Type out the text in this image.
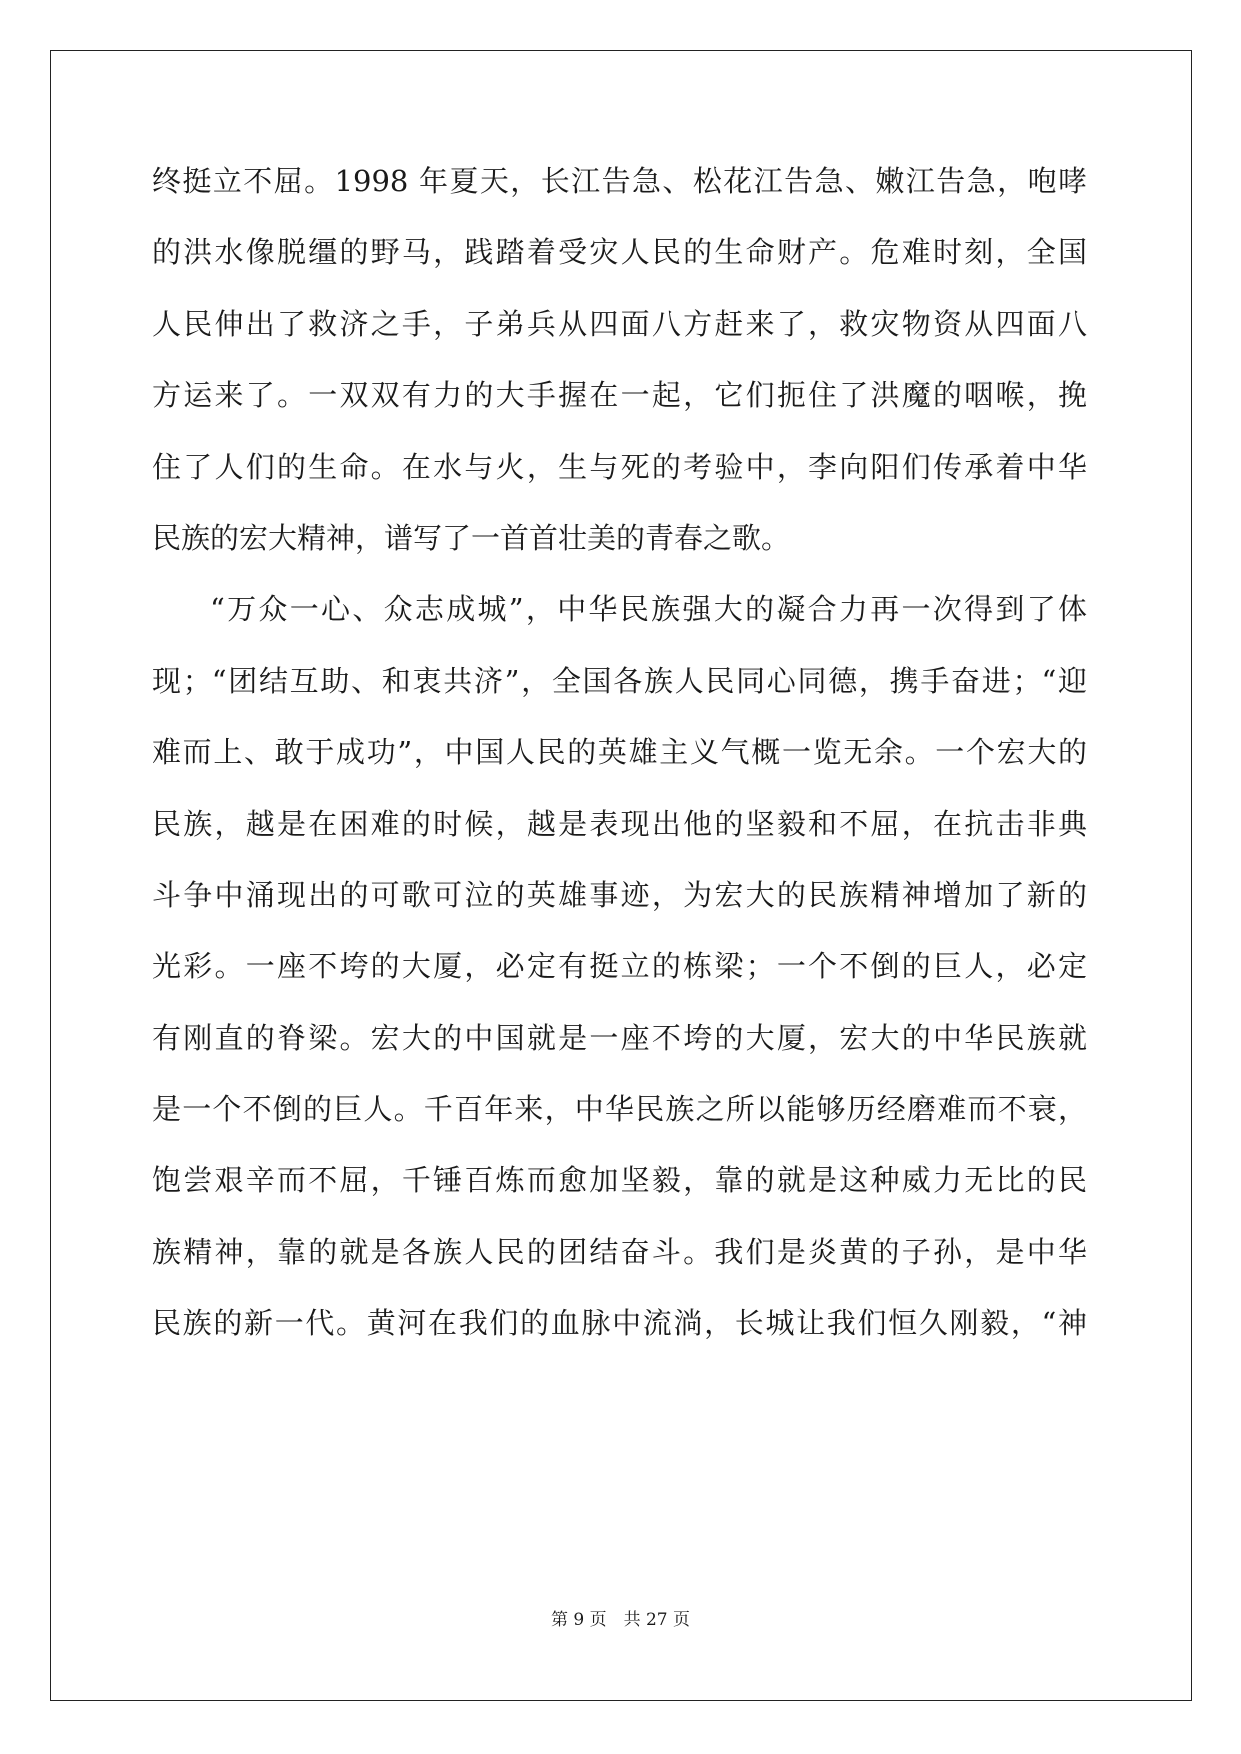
终挺立不屈。1998 年夏天，长江告急、松花江告急、嫩江告急，咆哮
的洪水像脱缰的野马，践踏着受灾人民的生命财产。危难时刻，全国
人民伸出了救济之手，子弟兵从四面八方赶来了，救灾物资从四面八
方运来了。一双双有力的大手握在一起，它们扼住了洪魔的咽喉，挽
住了人们的生命。在水与火，生与死的考验中，李向阳们传承着中华
民族的宏大精神，谱写了一首首壮美的青春之歌。
“万众一心、众志成城”，中华民族强大的凝合力再一次得到了体
现；“团结互助、和衷共济”，全国各族人民同心同德，携手奋进；“迎
难而上、敢于成功”，中国人民的英雄主义气概一览无余。一个宏大的
民族，越是在困难的时候，越是表现出他的坚毅和不屈，在抗击非典
斗争中涌现出的可歌可泣的英雄事迹，为宏大的民族精神增加了新的
光彩。一座不垮的大厦，必定有挺立的栋梁；一个不倒的巨人，必定
有刚直的脊梁。宏大的中国就是一座不垮的大厦，宏大的中华民族就
是一个不倒的巨人。千百年来，中华民族之所以能够历经磨难而不衰，
饱尝艰辛而不屈，千锤百炼而愈加坚毅，靠的就是这种威力无比的民
族精神，靠的就是各族人民的团结奋斗。我们是炎黄的子孙，是中华
民族的新一代。黄河在我们的血脉中流淌，长城让我们恒久刚毅，“神
第 9 页　共 27 页
